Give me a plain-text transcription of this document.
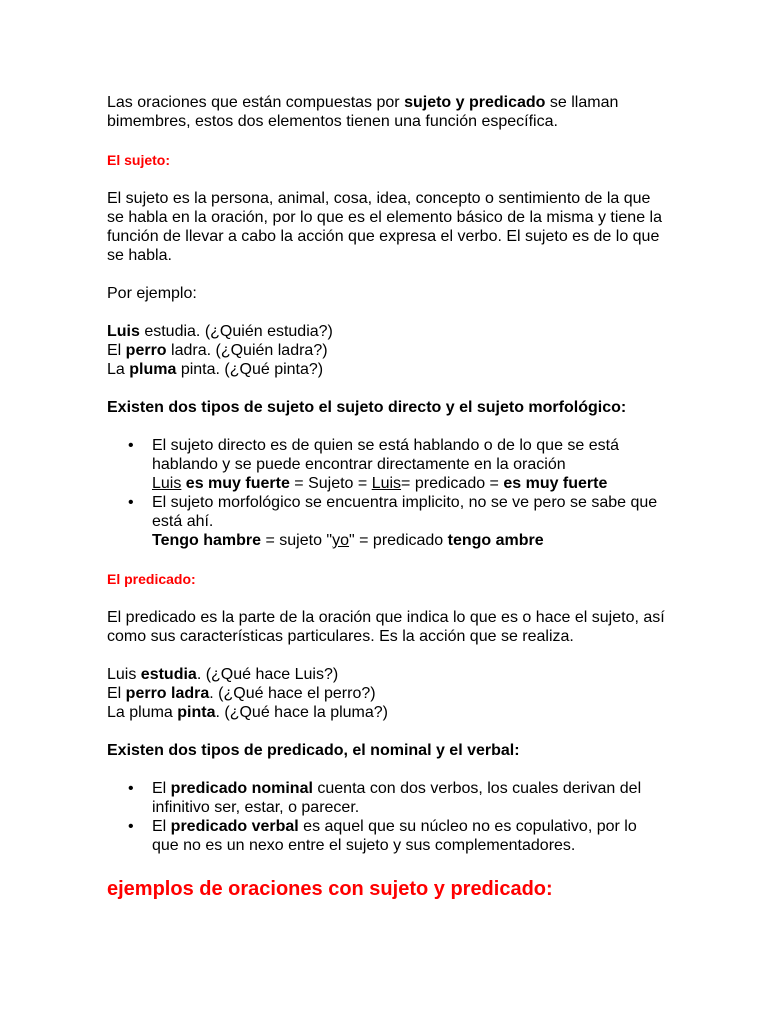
Las oraciones que están compuestas por sujeto y predicado se llaman bimembres, estos dos elementos tienen una función específica.

El sujeto:

El sujeto es la persona, animal, cosa, idea, concepto o sentimiento de la que se habla en la oración, por lo que es el elemento básico de la misma y tiene la función de llevar a cabo la acción que expresa el verbo. El sujeto es de lo que se habla.

Por ejemplo:

Luis estudia. (¿Quién estudia?)

El perro ladra. (¿Quién ladra?)

La pluma pinta. (¿Qué pinta?)

Existen dos tipos de sujeto el sujeto directo y el sujeto morfológico:

• El sujeto directo es de quien se está hablando o de lo que se está hablando y se puede encontrar directamente en la oración
Luis es muy fuerte = Sujeto = Luis= predicado = es muy fuerte
• El sujeto morfológico se encuentra implicito, no se ve pero se sabe que está ahí.
Tengo hambre = sujeto "yo" = predicado tengo ambre

El predicado:

El predicado es la parte de la oración que indica lo que es o hace el sujeto, así como sus características particulares. Es la acción que se realiza.

Luis estudia. (¿Qué hace Luis?)

El perro ladra. (¿Qué hace el perro?)

La pluma pinta. (¿Qué hace la pluma?)

Existen dos tipos de predicado, el nominal y el verbal:

• El predicado nominal cuenta con dos verbos, los cuales derivan del infinitivo ser, estar, o parecer.
• El predicado verbal es aquel que su núcleo no es copulativo, por lo que no es un nexo entre el sujeto y sus complementadores.

ejemplos de oraciones con sujeto y predicado:
